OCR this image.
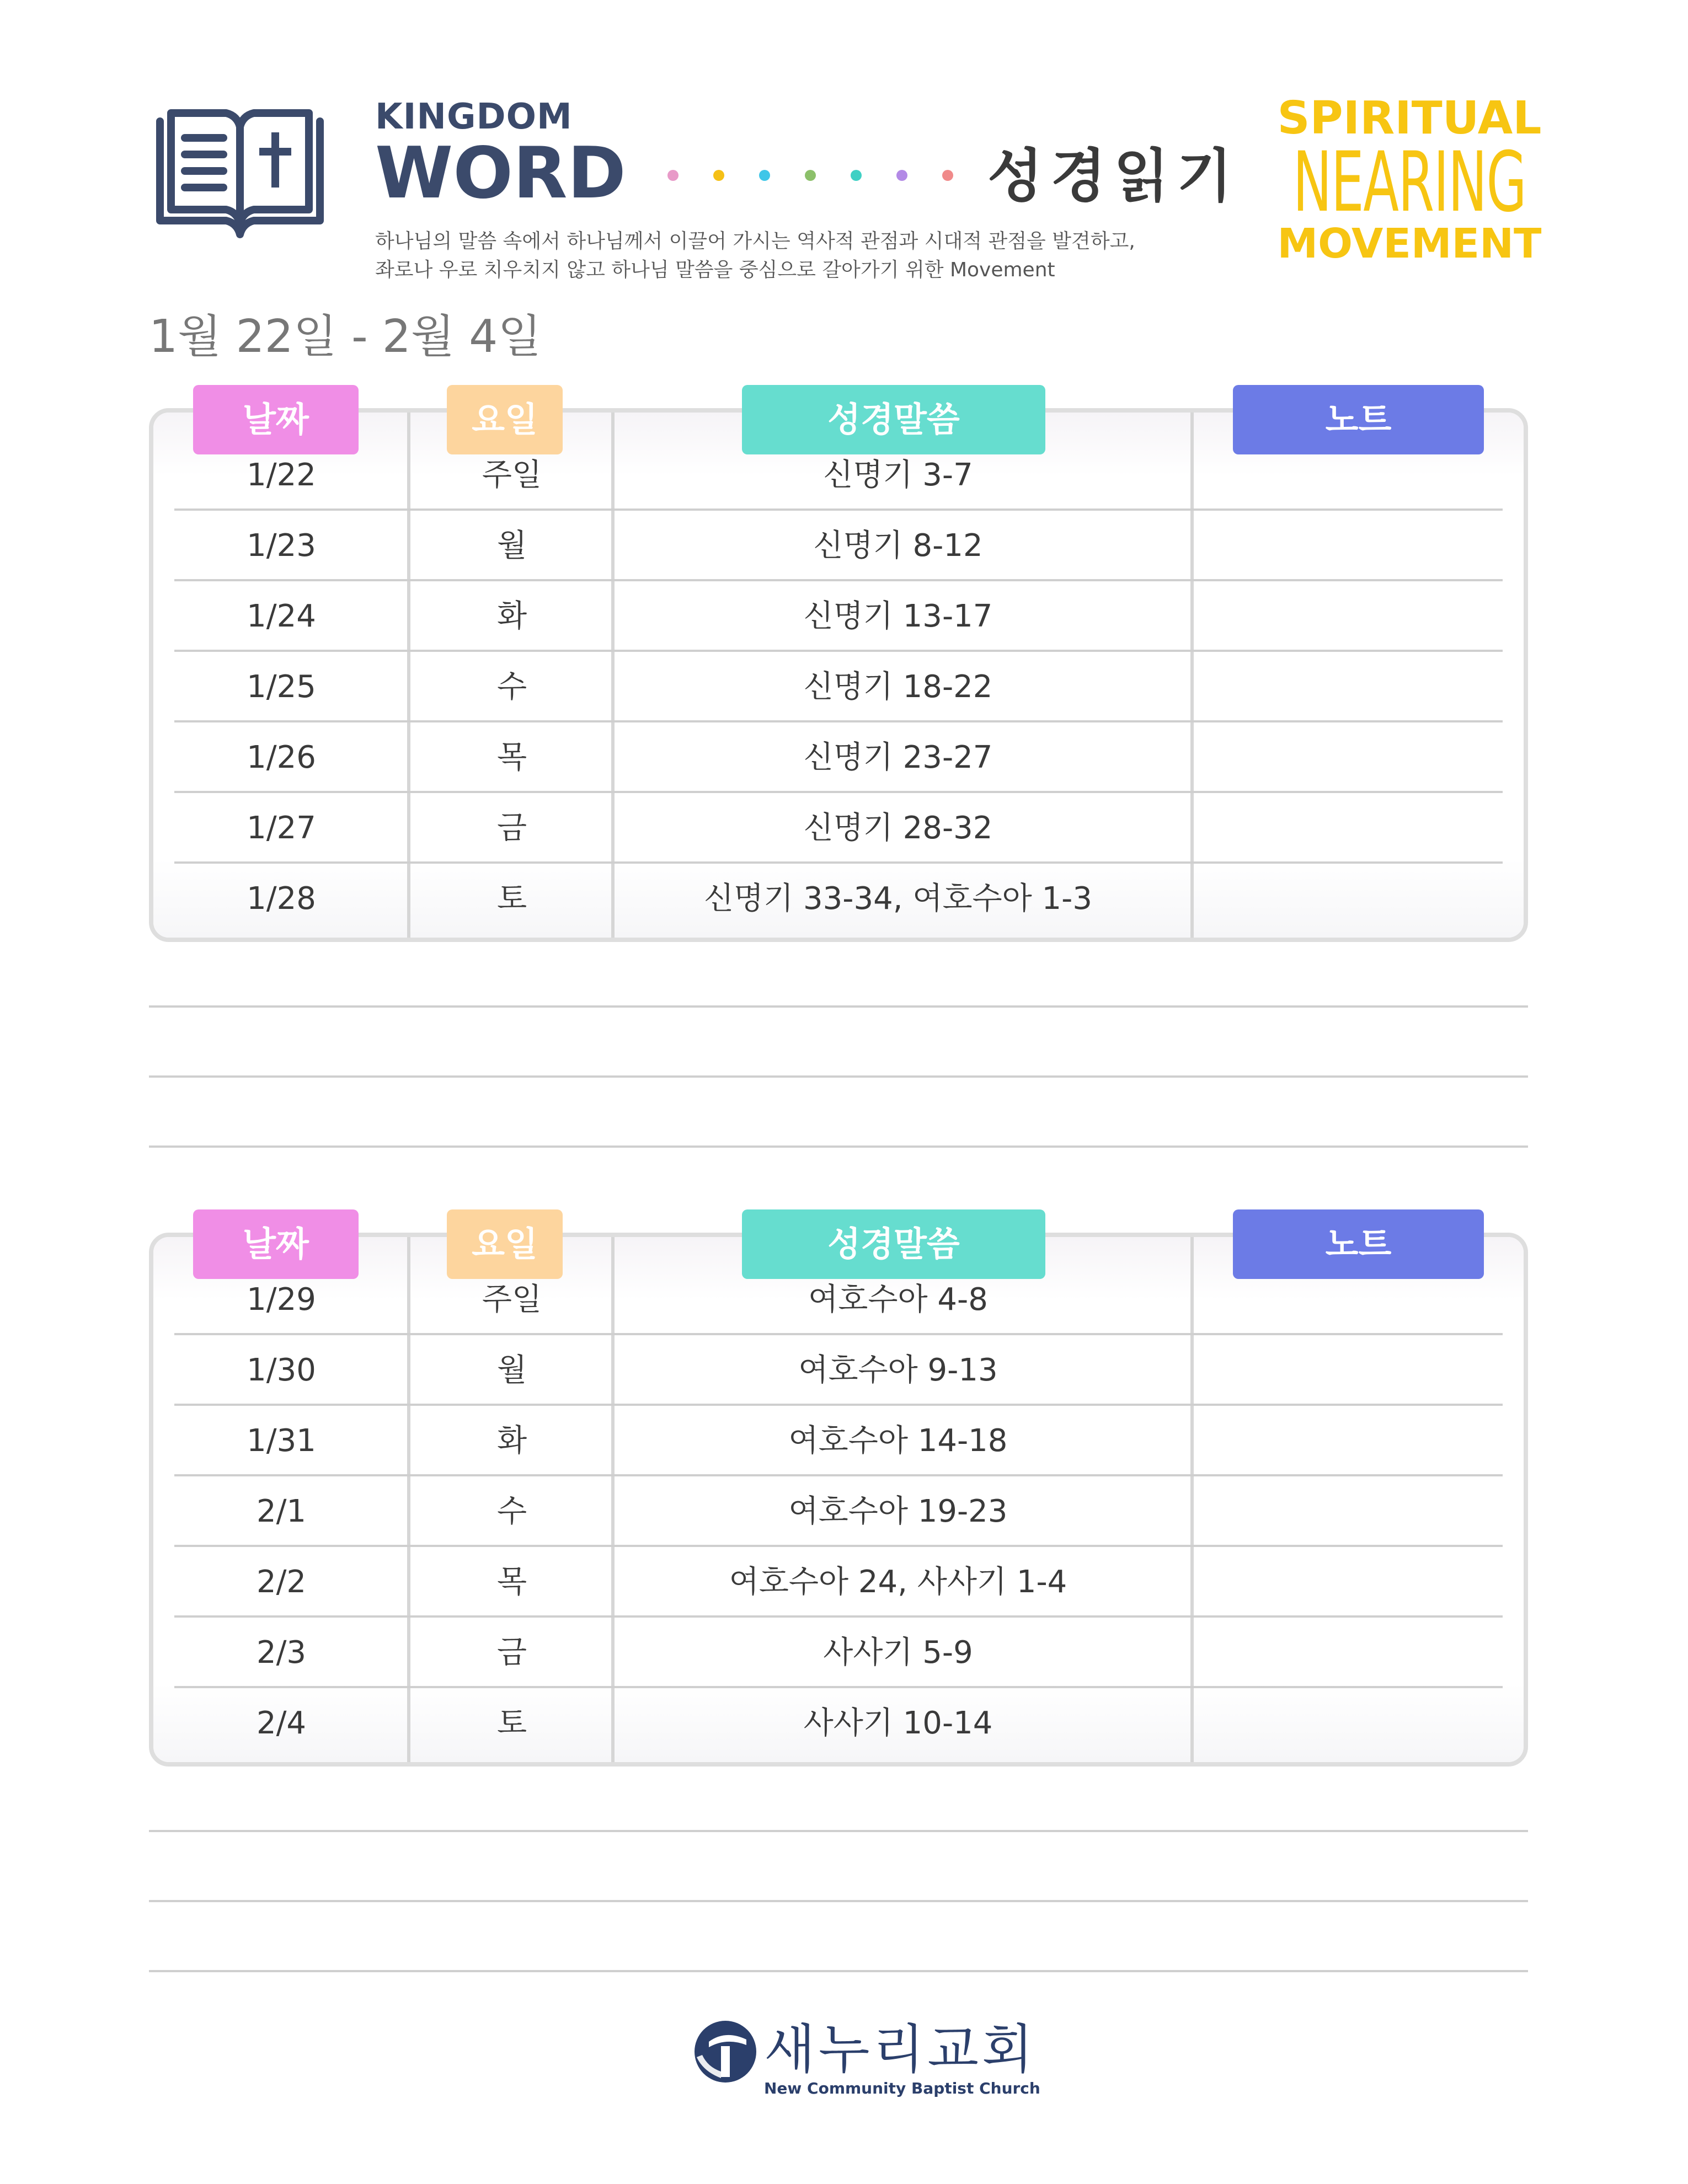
KINGDOM
WORD	성경읽기
하나님의 말씀 속에서 하나님께서 이끌어 가시는 역사적 관점과 시대적 관점을 발견하고,
좌로나 우로 치우치지 않고 하나님 말씀을 중심으로 갈아가기 위한 Movement
SPIRITUAL
NEARING
MOVEMENT
1월 22일 - 2월 4일
1/22	주일	신명기 3-7
1/23	월	신명기 8-12
1/24	화	신명기 13-17
1/25	수	신명기 18-22
1/26	목	신명기 23-27
1/27	금	신명기 28-32
1/28	토	신명기 33-34, 여호수아 1-3
날짜	요일	성경말씀	노트
1/29	주일	여호수아 4-8
1/30	월	여호수아 9-13
1/31	화	여호수아 14-18
2/1	수	여호수아 19-23
2/2	목	여호수아 24, 사사기 1-4
2/3	금	사사기 5-9
2/4	토	사사기 10-14
날짜	요일	성경말씀	노트
새누리교회
New Community Baptist Church
